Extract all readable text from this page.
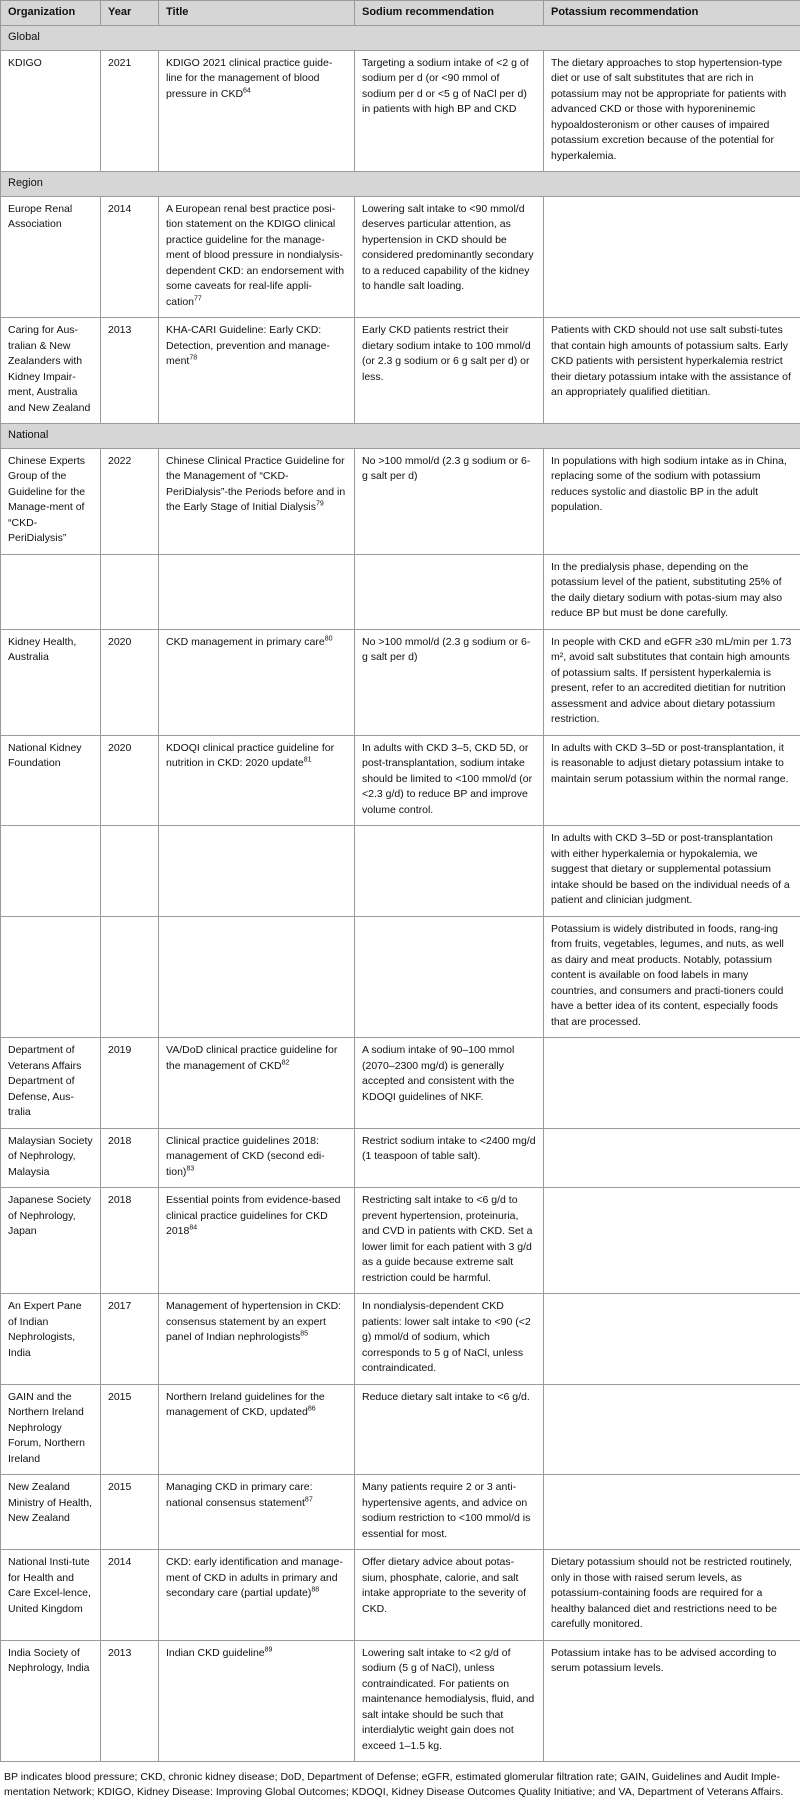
Organization	Year	Title	Sodium recommendation	Potassium recommendation
Global				
KDIGO	2021	KDIGO 2021 clinical practice guide-line for the management of blood pressure in CKD$^{64}$	Targeting a sodium intake of <2 g of sodium per d (or <90 mmol of sodium per d or <5 g of NaCl per d) in patients with high BP and CKD	The dietary approaches to stop hypertension-type diet or use of salt substitutes that are rich in potassium may not be appropriate for patients with advanced CKD or those with hyporeninemic hypoaldosteronism or other causes of impaired potassium excretion because of the potential for hyperkalemia.
Region				
Europe Renal Association	2014	A European renal best practice posi-tion statement on the KDIGO clinical practice guideline for the manage-ment of blood pressure in nondialysis-dependent CKD: an endorsement with some caveats for real-life appli-cation$^{77}$	Lowering salt intake to <90 mmol/d deserves particular attention, as hypertension in CKD should be considered predominantly secondary to a reduced capability of the kidney to handle salt loading.	
Caring for Aus-tralian & New Zealanders with Kidney Impair-ment, Australia and New Zealand	2013	KHA-CARI Guideline: Early CKD: Detection, prevention and manage-ment$^{78}$	Early CKD patients restrict their dietary sodium intake to 100 mmol/d (or 2.3 g sodium or 6 g salt per d) or less.	Patients with CKD should not use salt substi-tutes that contain high amounts of potassium salts. Early CKD patients with persistent hyperkalemia restrict their dietary potassium intake with the assistance of an appropriately qualified dietitian.
National				
Chinese Experts Group of the Guideline for the Manage-ment of “CKD-PeriDialysis”	2022	Chinese Clinical Practice Guideline for the Management of “CKD-PeriDialysis”-the Periods before and in the Early Stage of Initial Dialysis$^{79}$	No >100 mmol/d (2.3 g sodium or 6-g salt per d)	In populations with high sodium intake as in China, replacing some of the sodium with potassium reduces systolic and diastolic BP in the adult population.
				In the predialysis phase, depending on the potassium level of the patient, substituting 25% of the daily dietary sodium with potas-sium may also reduce BP but must be done carefully.
Kidney Health, Australia	2020	CKD management in primary care$^{80}$	No >100 mmol/d (2.3 g sodium or 6-g salt per d)	In people with CKD and eGFR ≥30 mL/min per 1.73 m², avoid salt substitutes that contain high amounts of potassium salts. If persistent hyperkalemia is present, refer to an accredited dietitian for nutrition assessment and advice about dietary potassium restriction.
National Kidney Foundation	2020	KDOQI clinical practice guideline for nutrition in CKD: 2020 update$^{81}$	In adults with CKD 3–5, CKD 5D, or post-transplantation, sodium intake should be limited to <100 mmol/d (or <2.3 g/d) to reduce BP and improve volume control.	In adults with CKD 3–5D or post-transplantation, it is reasonable to adjust dietary potassium intake to maintain serum potassium within the normal range.
				In adults with CKD 3–5D or post-transplantation with either hyperkalemia or hypokalemia, we suggest that dietary or supplemental potassium intake should be based on the individual needs of a patient and clinician judgment.
				Potassium is widely distributed in foods, rang-ing from fruits, vegetables, legumes, and nuts, as well as dairy and meat products. Notably, potassium content is available on food labels in many countries, and consumers and practi-tioners could have a better idea of its content, especially foods that are processed.
Department of Veterans Affairs Department of Defense, Aus-tralia	2019	VA/DoD clinical practice guideline for the management of CKD$^{82}$	A sodium intake of 90–100 mmol (2070–2300 mg/d) is generally accepted and consistent with the KDOQI guidelines of NKF.	
Malaysian Society of Nephrology, Malaysia	2018	Clinical practice guidelines 2018: management of CKD (second edi-tion)$^{83}$	Restrict sodium intake to <2400 mg/d (1 teaspoon of table salt).	
Japanese Society of Nephrology, Japan	2018	Essential points from evidence-based clinical practice guidelines for CKD 2018$^{84}$	Restricting salt intake to <6 g/d to prevent hypertension, proteinuria, and CVD in patients with CKD. Set a lower limit for each patient with 3 g/d as a guide because extreme salt restriction could be harmful.	
An Expert Pane of Indian Nephrologists, India	2017	Management of hypertension in CKD: consensus statement by an expert panel of Indian nephrologists$^{85}$	In nondialysis-dependent CKD patients: lower salt intake to <90 (<2 g) mmol/d of sodium, which corresponds to 5 g of NaCl, unless contraindicated.	
GAIN and the Northern Ireland Nephrology Forum, Northern Ireland	2015	Northern Ireland guidelines for the management of CKD, updated$^{86}$	Reduce dietary salt intake to <6 g/d.	
New Zealand Ministry of Health, New Zealand	2015	Managing CKD in primary care: national consensus statement$^{87}$	Many patients require 2 or 3 anti-hypertensive agents, and advice on sodium restriction to <100 mmol/d is essential for most.	
National Insti-tute for Health and Care Excel-lence, United Kingdom	2014	CKD: early identification and manage-ment of CKD in adults in primary and secondary care (partial update)$^{88}$	Offer dietary advice about potas-sium, phosphate, calorie, and salt intake appropriate to the severity of CKD.	Dietary potassium should not be restricted routinely, only in those with raised serum levels, as potassium-containing foods are required for a healthy balanced diet and restrictions need to be carefully monitored.
India Society of Nephrology, India	2013	Indian CKD guideline$^{89}$	Lowering salt intake to <2 g/d of sodium (5 g of NaCl), unless contraindicated. For patients on maintenance hemodialysis, fluid, and salt intake should be such that interdialytic weight gain does not exceed 1–1.5 kg.	Potassium intake has to be advised according to serum potassium levels.
BP indicates blood pressure; CKD, chronic kidney disease; DoD, Department of Defense; eGFR, estimated glomerular filtration rate; GAIN, Guidelines and Audit Imple-mentation Network; KDIGO, Kidney Disease: Improving Global Outcomes; KDOQI, Kidney Disease Outcomes Quality Initiative; and VA, Department of Veterans Affairs.
